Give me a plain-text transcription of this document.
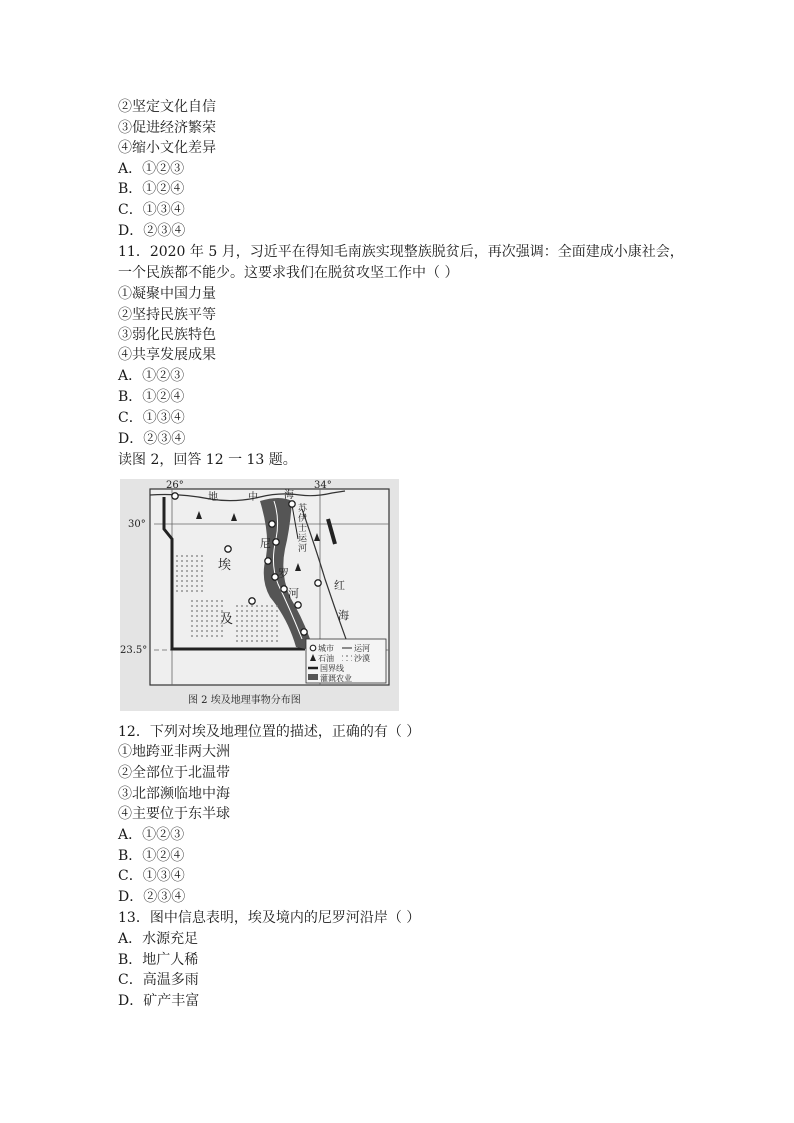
②坚定文化自信
③促进经济繁荣
④缩小文化差异
A．①②③
B．①②④
C．①③④
D．②③④
11．2020 年 5 月，习近平在得知毛南族实现整族脱贫后，再次强调：全面建成小康社会，
一个民族都不能少。这要求我们在脱贫攻坚工作中（ ）
①凝聚中国力量
②坚持民族平等
③弱化民族特色
④共享发展成果
A．①②③
B．①②④
C．①③④
D．②③④
读图 2，回答 12 一 13 题。
12．下列对埃及地理位置的描述，正确的有（ ）
①地跨亚非两大洲
②全部位于北温带
③北部濒临地中海
④主要位于东半球
A．①②③
B．①②④
C．①③④
D．②③④
13．图中信息表明，埃及境内的尼罗河沿岸（ ）
A．水源充足
B．地广人稀
C．高温多雨
D．矿产丰富
26°	34°
30°
23.5°
地	中	海
苏
伊
士
运
河
尼
罗
河
埃
及
红
海
城市	运河
石油	沙漠
国界线
灌溉农业
图 2 埃及地理事物分布图
